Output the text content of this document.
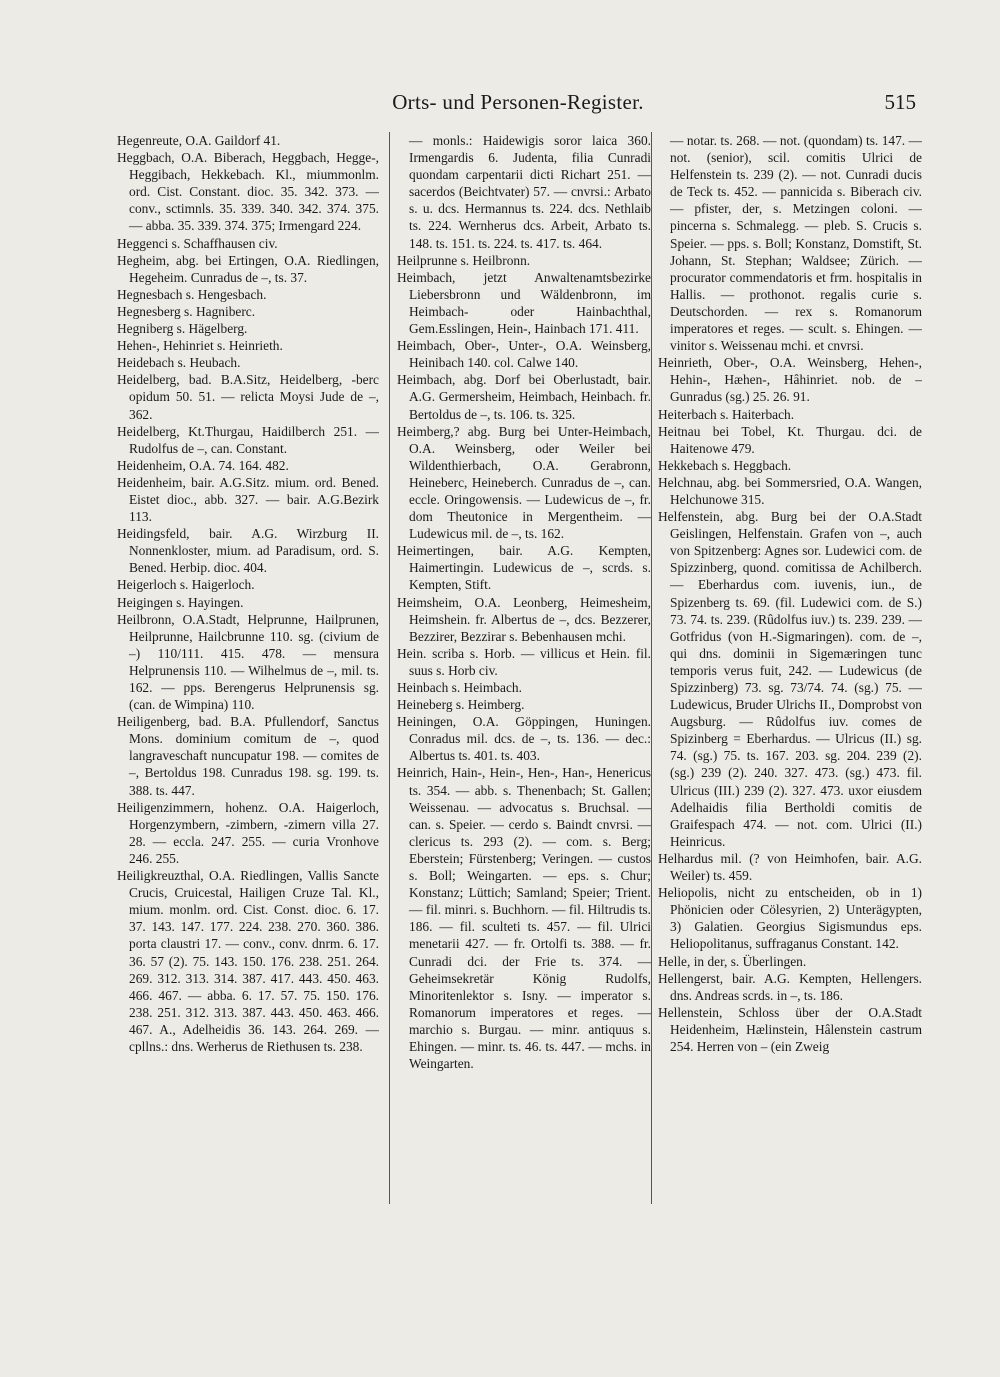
Orts- und Personen-Register.	515

Hegenreute, O.A. Gaildorf 41.

Heggbach, O.A. Biberach, Heggbach, Hegge-, Heggibach, Hekkebach. Kl., miummonlm. ord. Cist. Constant. dioc. 35. 342. 373. — conv., sctimnls. 35. 339. 340. 342. 374. 375. — abba. 35. 339. 374. 375; Irmengard 224.

Heggenci s. Schaffhausen civ.

Hegheim, abg. bei Ertingen, O.A. Riedlingen, Hegeheim. Cunradus de –, ts. 37.

Hegnesbach s. Hengesbach.

Hegnesberg s. Hagniberc.

Hegniberg s. Hägelberg.

Hehen-, Hehinriet s. Heinrieth.

Heidebach s. Heubach.

Heidelberg, bad. B.A.Sitz, Heidelberg, -berc opidum 50. 51. — relicta Moysi Jude de –, 362.

Heidelberg, Kt.Thurgau, Haidilberch 251. — Rudolfus de –, can. Constant.

Heidenheim, O.A. 74. 164. 482.

Heidenheim, bair. A.G.Sitz. mium. ord. Bened. Eistet dioc., abb. 327. — bair. A.G.Bezirk 113.

Heidingsfeld, bair. A.G. Wirzburg II. Nonnenkloster, mium. ad Paradisum, ord. S. Bened. Herbip. dioc. 404.

Heigerloch s. Haigerloch.

Heigingen s. Hayingen.

Heilbronn, O.A.Stadt, Helprunne, Hailprunen, Heilprunne, Hailcbrunne 110. sg. (civium de –) 110/111. 415. 478. — mensura Helprunensis 110. — Wilhelmus de –, mil. ts. 162. — pps. Berengerus Helprunensis sg. (can. de Wimpina) 110.

Heiligenberg, bad. B.A. Pfullendorf, Sanctus Mons. dominium comitum de –, quod langraveschaft nuncupatur 198. — comites de –, Bertoldus 198. Cunradus 198. sg. 199. ts. 388. ts. 447.

Heiligenzimmern, hohenz. O.A. Haigerloch, Horgenzymbern, -zimbern, -zimern villa 27. 28. — eccla. 247. 255. — curia Vronhove 246. 255.

Heiligkreuzthal, O.A. Riedlingen, Vallis Sancte Crucis, Cruicestal, Hailigen Cruze Tal. Kl., mium. monlm. ord. Cist. Const. dioc. 6. 17. 37. 143. 147. 177. 224. 238. 270. 360. 386. porta claustri 17. — conv., conv. dnrm. 6. 17. 36. 57 (2). 75. 143. 150. 176. 238. 251. 264. 269. 312. 313. 314. 387. 417. 443. 450. 463. 466. 467. — abba. 6. 17. 57. 75. 150. 176. 238. 251. 312. 313. 387. 443. 450. 463. 466. 467. A., Adelheidis 36. 143. 264. 269. — cpllns.: dns. Werherus de Riethusen ts. 238.

— monls.: Haidewigis soror laica 360. Irmengardis 6. Judenta, filia Cunradi quondam carpentarii dicti Richart 251. — sacerdos (Beichtvater) 57. — cnvrsi.: Arbato s. u. dcs. Hermannus ts. 224. dcs. Nethlaib ts. 224. Wernherus dcs. Arbeit, Arbato ts. 148. ts. 151. ts. 224. ts. 417. ts. 464.

Heilprunne s. Heilbronn.

Heimbach, jetzt Anwaltenamtsbezirke Liebersbronn und Wäldenbronn, im Heimbach- oder Hainbachthal, Gem.Esslingen, Hein-, Hainbach 171. 411.

Heimbach, Ober-, Unter-, O.A. Weinsberg, Heinibach 140. col. Calwe 140.

Heimbach, abg. Dorf bei Oberlustadt, bair. A.G. Germersheim, Heimbach, Heinbach. fr. Bertoldus de –, ts. 106. ts. 325.

Heimberg,? abg. Burg bei Unter-Heimbach, O.A. Weinsberg, oder Weiler bei Wildenthierbach, O.A. Gerabronn, Heineberc, Heineberch. Cunradus de –, can. eccle. Oringowensis. — Ludewicus de –, fr. dom Theutonice in Mergentheim. — Ludewicus mil. de –, ts. 162.

Heimertingen, bair. A.G. Kempten, Haimertingin. Ludewicus de –, scrds. s. Kempten, Stift.

Heimsheim, O.A. Leonberg, Heimesheim, Heimshein. fr. Albertus de –, dcs. Bezzerer, Bezzirer, Bezzirar s. Bebenhausen mchi.

Hein. scriba s. Horb. — villicus et Hein. fil. suus s. Horb civ.

Heinbach s. Heimbach.

Heineberg s. Heimberg.

Heiningen, O.A. Göppingen, Huningen. Conradus mil. dcs. de –, ts. 136. — dec.: Albertus ts. 401. ts. 403.

Heinrich, Hain-, Hein-, Hen-, Han-, Henericus ts. 354. — abb. s. Thenenbach; St. Gallen; Weissenau. — advocatus s. Bruchsal. — can. s. Speier. — cerdo s. Baindt cnvrsi. — clericus ts. 293 (2). — com. s. Berg; Eberstein; Fürstenberg; Veringen. — custos s. Boll; Weingarten. — eps. s. Chur; Konstanz; Lüttich; Samland; Speier; Trient. — fil. minri. s. Buchhorn. — fil. Hiltrudis ts. 186. — fil. sculteti ts. 457. — fil. Ulrici menetarii 427. — fr. Ortolfi ts. 388. — fr. Cunradi dci. der Frie ts. 374. — Geheimsekretär König Rudolfs, Minoritenlektor s. Isny. — imperator s. Romanorum imperatores et reges. — marchio s. Burgau. — minr. antiquus s. Ehingen. — minr. ts. 46. ts. 447. — mchs. in Weingarten.

— notar. ts. 268. — not. (quondam) ts. 147. — not. (senior), scil. comitis Ulrici de Helfenstein ts. 239 (2). — not. Cunradi ducis de Teck ts. 452. — pannicida s. Biberach civ. — pfister, der, s. Metzingen coloni. — pincerna s. Schmalegg. — pleb. S. Crucis s. Speier. — pps. s. Boll; Konstanz, Domstift, St. Johann, St. Stephan; Waldsee; Zürich. — procurator commendatoris et frm. hospitalis in Hallis. — prothonot. regalis curie s. Deutschorden. — rex s. Romanorum imperatores et reges. — scult. s. Ehingen. — vinitor s. Weissenau mchi. et cnvrsi.

Heinrieth, Ober-, O.A. Weinsberg, Hehen-, Hehin-, Hæhen-, Hâhinriet. nob. de – Gunradus (sg.) 25. 26. 91.

Heiterbach s. Haiterbach.

Heitnau bei Tobel, Kt. Thurgau. dci. de Haitenowe 479.

Hekkebach s. Heggbach.

Helchnau, abg. bei Sommersried, O.A. Wangen, Helchunowe 315.

Helfenstein, abg. Burg bei der O.A.Stadt Geislingen, Helfenstain. Grafen von –, auch von Spitzenberg: Agnes sor. Ludewici com. de Spizzinberg, quond. comitissa de Achilberch. — Eberhardus com. iuvenis, iun., de Spizenberg ts. 69. (fil. Ludewici com. de S.) 73. 74. ts. 239. (Rûdolfus iuv.) ts. 239. 239. — Gotfridus (von H.-Sigmaringen). com. de –, qui dns. dominii in Sigemæringen tunc temporis verus fuit, 242. — Ludewicus (de Spizzinberg) 73. sg. 73/74. 74. (sg.) 75. — Ludewicus, Bruder Ulrichs II., Domprobst von Augsburg. — Rûdolfus iuv. comes de Spizinberg = Eberhardus. — Ulricus (II.) sg. 74. (sg.) 75. ts. 167. 203. sg. 204. 239 (2). (sg.) 239 (2). 240. 327. 473. (sg.) 473. fil. Ulricus (III.) 239 (2). 327. 473. uxor eiusdem Adelhaidis filia Bertholdi comitis de Graifespach 474. — not. com. Ulrici (II.) Heinricus.

Helhardus mil. (? von Heimhofen, bair. A.G. Weiler) ts. 459.

Heliopolis, nicht zu entscheiden, ob in 1) Phönicien oder Cölesyrien, 2) Unterägypten, 3) Galatien. Georgius Sigismundus eps. Heliopolitanus, suffraganus Constant. 142.

Helle, in der, s. Überlingen.

Hellengerst, bair. A.G. Kempten, Hellengers. dns. Andreas scrds. in –, ts. 186.

Hellenstein, Schloss über der O.A.Stadt Heidenheim, Hælinstein, Hâlenstein castrum 254. Herren von – (ein Zweig
